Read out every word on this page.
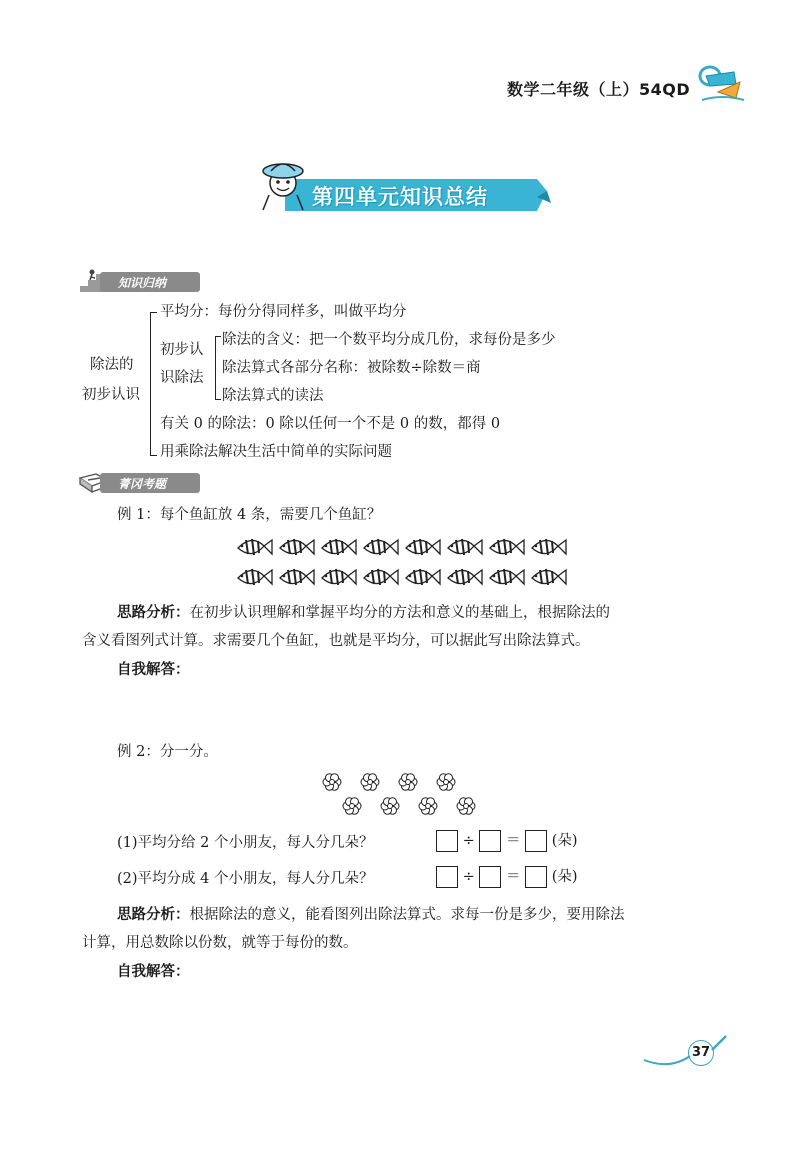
数学二年级（上）54QD
第四单元知识总结
知识归纳
除法的
初步认识
平均分：每份分得同样多，叫做平均分
初步认
识除法
除法的含义：把一个数平均分成几份，求每份是多少
除法算式各部分名称：被除数÷除数＝商
除法算式的读法
有关 0 的除法：0 除以任何一个不是 0 的数，都得 0
用乘除法解决生活中简单的实际问题
菁冈考题
例 1：每个鱼缸放 4 条，需要几个鱼缸？
思路分析：在初步认识理解和掌握平均分的方法和意义的基础上，根据除法的
含义看图列式计算。求需要几个鱼缸，也就是平均分，可以据此写出除法算式。
自我解答：
例 2：分一分。
(1)平均分给 2 个小朋友，每人分几朵？	÷ ＝ (朵)
(2)平均分成 4 个小朋友，每人分几朵？	÷ ＝ (朵)
思路分析：根据除法的意义，能看图列出除法算式。求每一份是多少，要用除法
计算，用总数除以份数，就等于每份的数。
自我解答：
37
